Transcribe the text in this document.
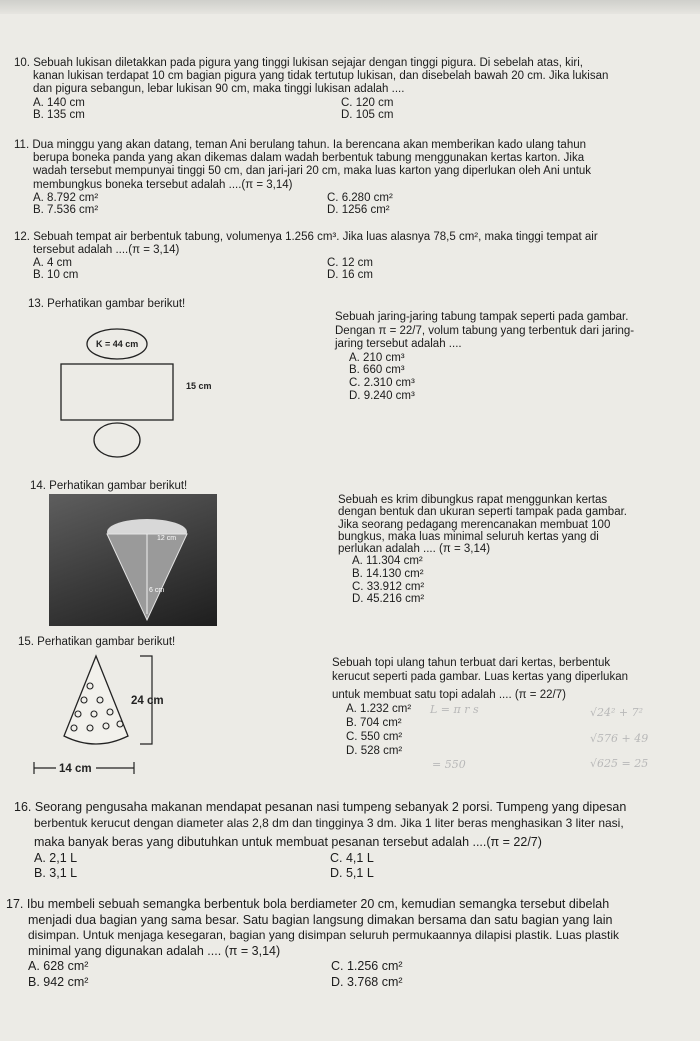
10. Sebuah lukisan diletakkan pada pigura yang tinggi lukisan sejajar dengan tinggi pigura. Di sebelah atas, kiri,

kanan lukisan terdapat 10 cm bagian pigura yang tidak tertutup lukisan, dan disebelah bawah 20 cm. Jika lukisan

dan pigura sebangun, lebar lukisan 90 cm, maka tinggi lukisan adalah ....

A. 140 cm	C. 120 cm
B. 135 cm	D. 105 cm

11. Dua minggu yang akan datang, teman Ani berulang tahun. Ia berencana akan memberikan kado ulang tahun

berupa boneka panda yang akan dikemas dalam wadah berbentuk tabung menggunakan kertas karton. Jika

wadah tersebut mempunyai tinggi 50 cm, dan jari-jari 20 cm, maka luas karton yang diperlukan oleh Ani untuk

membungkus boneka tersebut adalah ....(π = 3,14)

A. 8.792 cm²	C. 6.280 cm²
B. 7.536 cm²	D. 1256 cm²

12. Sebuah tempat air berbentuk tabung, volumenya 1.256 cm³. Jika luas alasnya 78,5 cm², maka tinggi tempat air

tersebut adalah ....(π = 3,14)

A. 4 cm	C. 12 cm
B. 10 cm	D. 16 cm

13. Perhatikan gambar berikut!

K = 44 cm
15 cm

Sebuah jaring-jaring tabung tampak seperti pada gambar.

Dengan π = 22/7, volum tabung yang terbentuk dari jaring-

jaring tersebut adalah ....

A. 210 cm³
B. 660 cm³
C. 2.310 cm³
D. 9.240 cm³

14. Perhatikan gambar berikut!

12 cm
6 cm

Sebuah es krim dibungkus rapat menggunkan kertas

dengan bentuk dan ukuran seperti tampak pada gambar.

Jika seorang pedagang merencanakan membuat 100

bungkus, maka luas minimal seluruh kertas yang di

perlukan adalah .... (π = 3,14)

A. 11.304 cm²
B. 14.130 cm²
C. 33.912 cm²
D. 45.216 cm²

15. Perhatikan gambar berikut!

24 cm
14 cm

Sebuah topi ulang tahun terbuat dari kertas, berbentuk

kerucut seperti pada gambar. Luas kertas yang diperlukan

untuk membuat satu topi adalah .... (π = 22/7)

A. 1.232 cm²
B. 704 cm²
C. 550 cm²
D. 528 cm²
L = π r s	√24² + 7²
√576 + 49
√625 = 25
= 550

16. Seorang pengusaha makanan mendapat pesanan nasi tumpeng sebanyak 2 porsi. Tumpeng yang dipesan

berbentuk kerucut dengan diameter alas 2,8 dm dan tingginya 3 dm. Jika 1 liter beras menghasikan 3 liter nasi,

maka banyak beras yang dibutuhkan untuk membuat pesanan tersebut adalah ....(π = 22/7)

A. 2,1 L	C. 4,1 L
B. 3,1 L	D. 5,1 L

17. Ibu membeli sebuah semangka berbentuk bola berdiameter 20 cm, kemudian semangka tersebut dibelah

menjadi dua bagian yang sama besar. Satu bagian langsung dimakan bersama dan satu bagian yang lain

disimpan. Untuk menjaga kesegaran, bagian yang disimpan seluruh permukaannya dilapisi plastik. Luas plastik

minimal yang digunakan adalah .... (π = 3,14)

A. 628 cm²	C. 1.256 cm²
B. 942 cm²	D. 3.768 cm²
